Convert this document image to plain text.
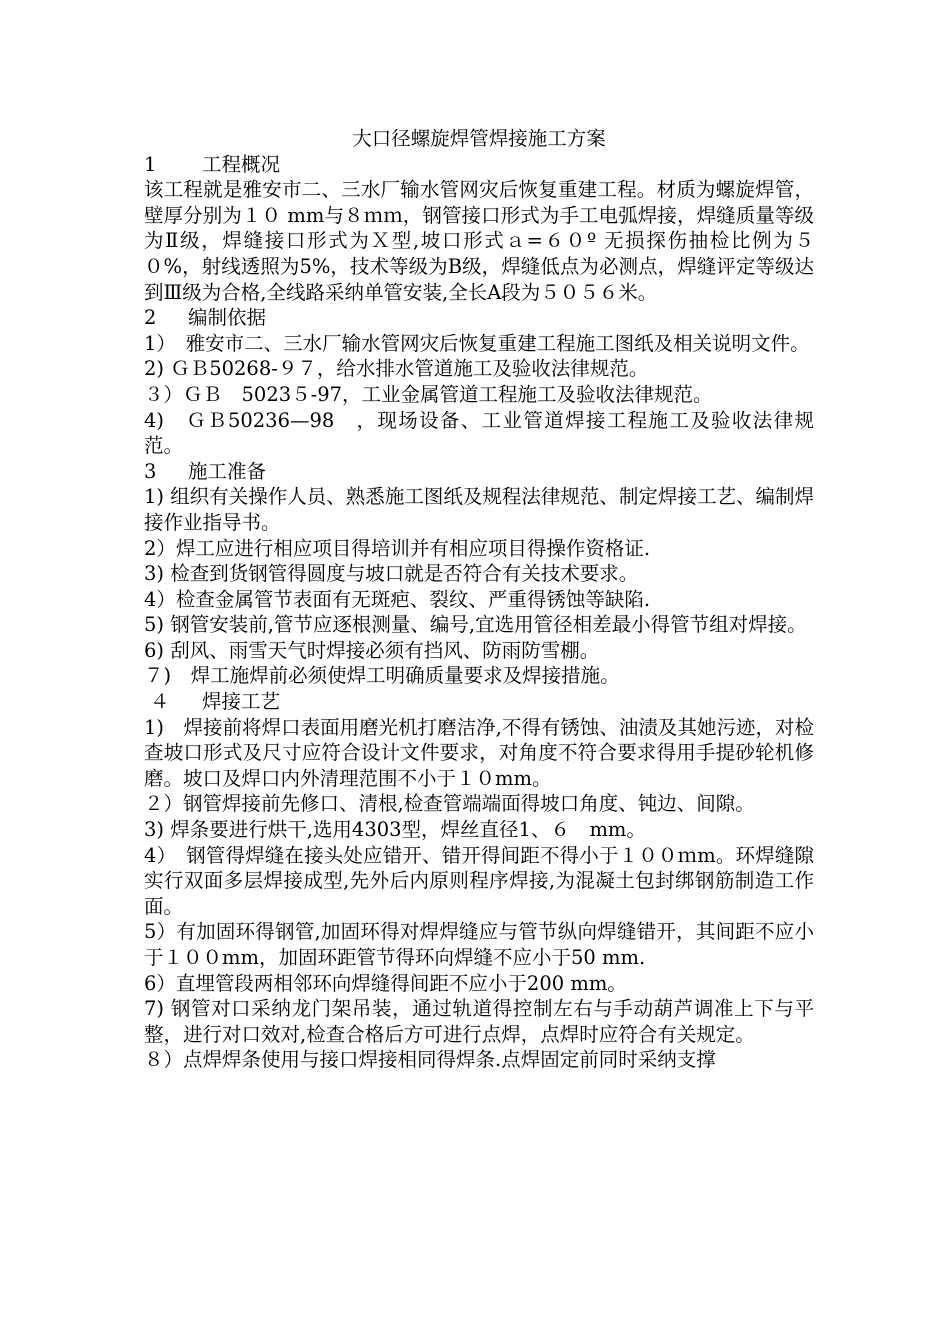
大口径螺旋焊管焊接施工方案

1 工程概况

该工程就是雅安市二、三水厂输水管网灾后恢复重建工程。材质为螺旋焊管，壁厚分别为１０ mm与８ｍｍ，钢管接口形式为手工电弧焊接，焊缝质量等级为Ⅱ级，焊缝接口形式为Ｘ型,坡口形式ａ=６０º 无损探伤抽检比例为５０%，射线透照为5%，技术等级为B级，焊缝低点为必测点，焊缝评定等级达到Ⅲ级为合格,全线路采纳单管安装,全长A段为５０５６米。

2 编制依据

1）　雅安市二、三水厂输水管网灾后恢复重建工程施工图纸及相关说明文件。

2) ＧＢ50268-９７，给水排水管道施工及验收法律规范。

３）ＧＢ　5023５-97，工业金属管道工程施工及验收法律规范。

4)　ＧＢ50236—98　，现场设备、工业管道焊接工程施工及验收法律规范。

3 施工准备

1) 组织有关操作人员、熟悉施工图纸及规程法律规范、制定焊接工艺、编制焊接作业指导书。

2）焊工应进行相应项目得培训并有相应项目得操作资格证.

3) 检查到货钢管得圆度与坡口就是否符合有关技术要求。

4）检查金属管节表面有无斑疤、裂纹、严重得锈蚀等缺陷.

5) 钢管安装前,管节应逐根测量、编号,宜选用管径相差最小得管节组对焊接。

6) 刮风、雨雪天气时焊接必须有挡风、防雨防雪棚。

７)　焊工施焊前必须使焊工明确质量要求及焊接措施。

４ 焊接工艺

1)　焊接前将焊口表面用磨光机打磨洁净,不得有锈蚀、油渍及其她污迹，对检查坡口形式及尺寸应符合设计文件要求，对角度不符合要求得用手提砂轮机修磨。坡口及焊口内外清理范围不小于１０mm。

２）钢管焊接前先修口、清根,检查管端端面得坡口角度、钝边、间隙。

3) 焊条要进行烘干,选用4303型，焊丝直径1、６　mm。

4）　钢管得焊缝在接头处应错开、错开得间距不得小于１００ｍm。环焊缝隙实行双面多层焊接成型,先外后内原则程序焊接,为混凝土包封绑钢筋制造工作面。

5）有加固环得钢管,加固环得对焊焊缝应与管节纵向焊缝错开，其间距不应小于１００mm，加固环距管节得环向焊缝不应小于50 mm.

6）直埋管段两相邻环向焊缝得间距不应小于200 mm。

7) 钢管对口采纳龙门架吊装，通过轨道得控制左右与手动葫芦调准上下与平整，进行对口效对,检查合格后方可进行点焊，点焊时应符合有关规定。

８）点焊焊条使用与接口焊接相同得焊条.点焊固定前同时采纳支撑
